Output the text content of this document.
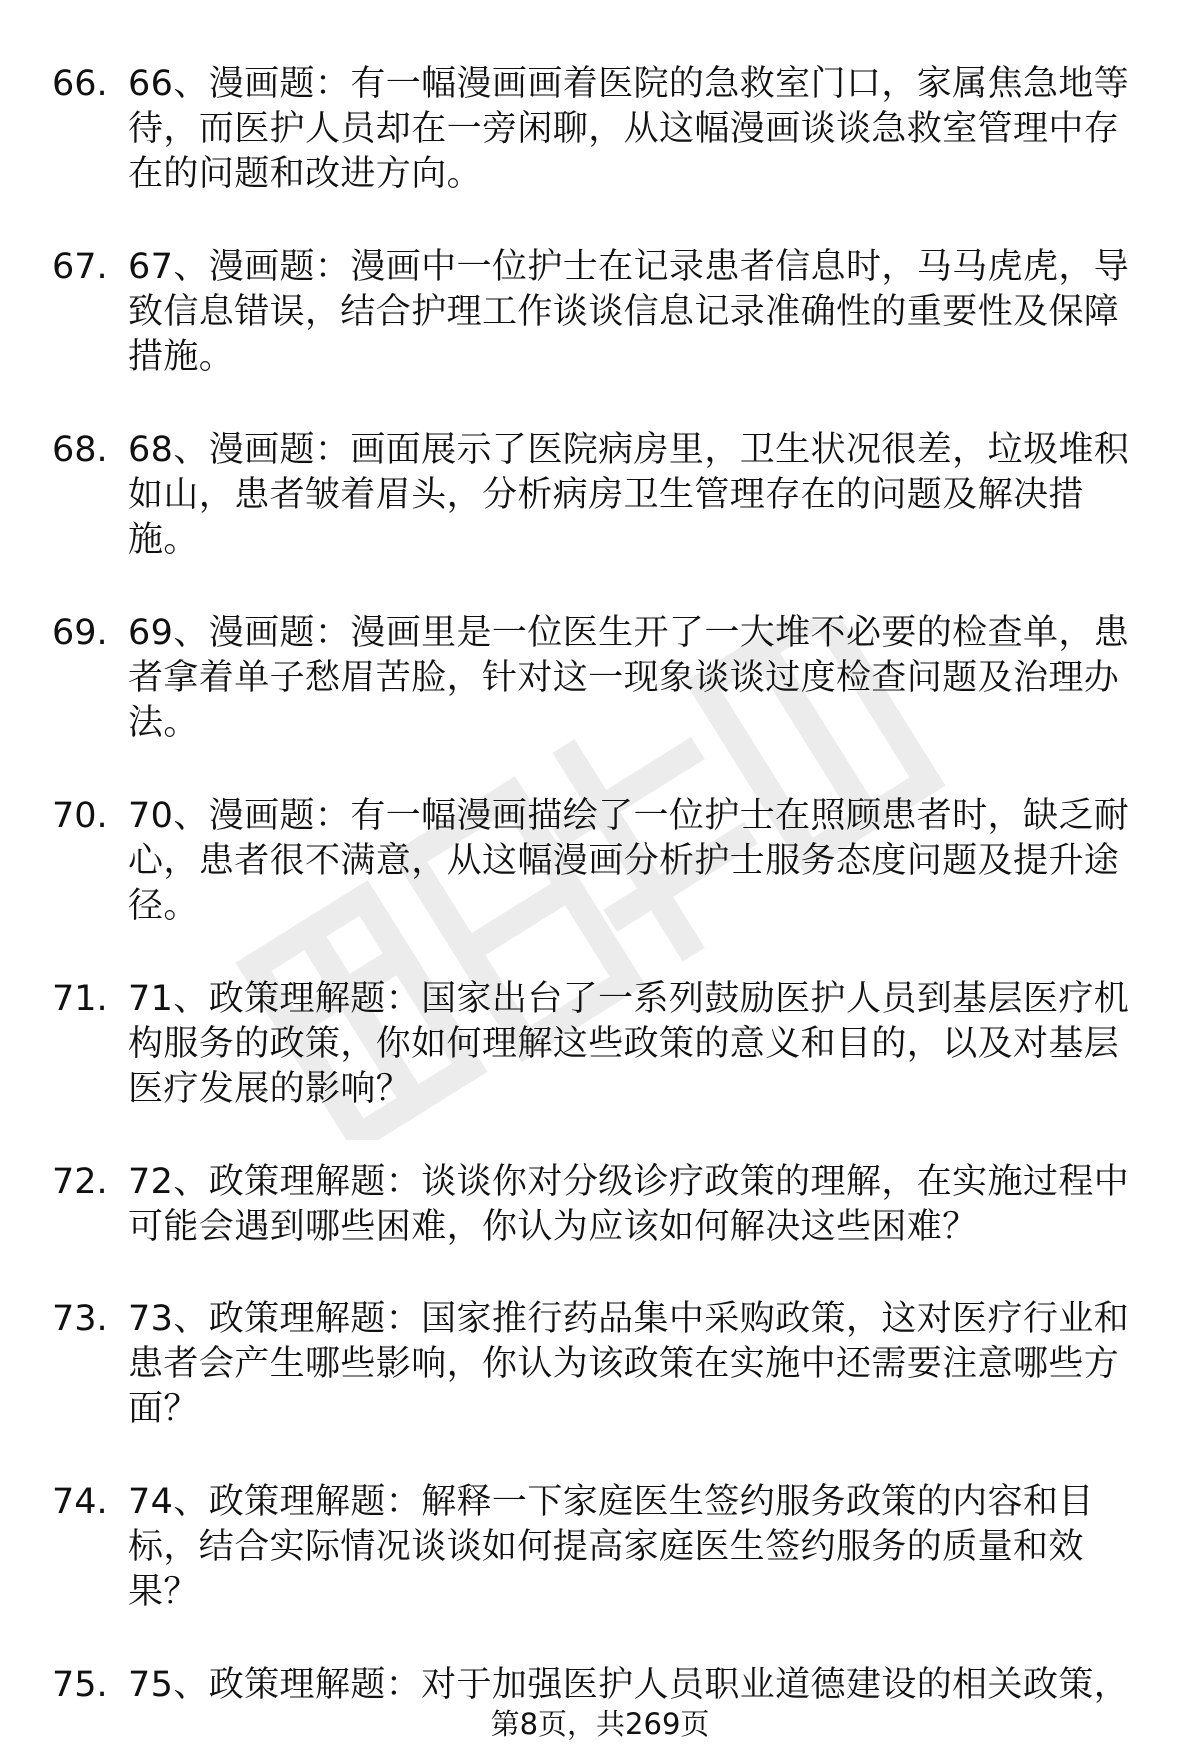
66. 66、漫画题：有一幅漫画画着医院的急救室门口，家属焦急地等待，而医护人员却在一旁闲聊，从这幅漫画谈谈急救室管理中存在的问题和改进方向。
67. 67、漫画题：漫画中一位护士在记录患者信息时，马马虎虎，导致信息错误，结合护理工作谈谈信息记录准确性的重要性及保障措施。
68. 68、漫画题：画面展示了医院病房里，卫生状况很差，垃圾堆积如山，患者皱着眉头，分析病房卫生管理存在的问题及解决措施。
69. 69、漫画题：漫画里是一位医生开了一大堆不必要的检查单，患者拿着单子愁眉苦脸，针对这一现象谈谈过度检查问题及治理办法。
70. 70、漫画题：有一幅漫画描绘了一位护士在照顾患者时，缺乏耐心，患者很不满意，从这幅漫画分析护士服务态度问题及提升途径。
71. 71、政策理解题：国家出台了一系列鼓励医护人员到基层医疗机构服务的政策，你如何理解这些政策的意义和目的，以及对基层医疗发展的影响？
72. 72、政策理解题：谈谈你对分级诊疗政策的理解，在实施过程中可能会遇到哪些困难，你认为应该如何解决这些困难？
73. 73、政策理解题：国家推行药品集中采购政策，这对医疗行业和患者会产生哪些影响，你认为该政策在实施中还需要注意哪些方面？
74. 74、政策理解题：解释一下家庭医生签约服务政策的内容和目标，结合实际情况谈谈如何提高家庭医生签约服务的质量和效果？
75. 75、政策理解题：对于加强医护人员职业道德建设的相关政策，
第8页，共269页
